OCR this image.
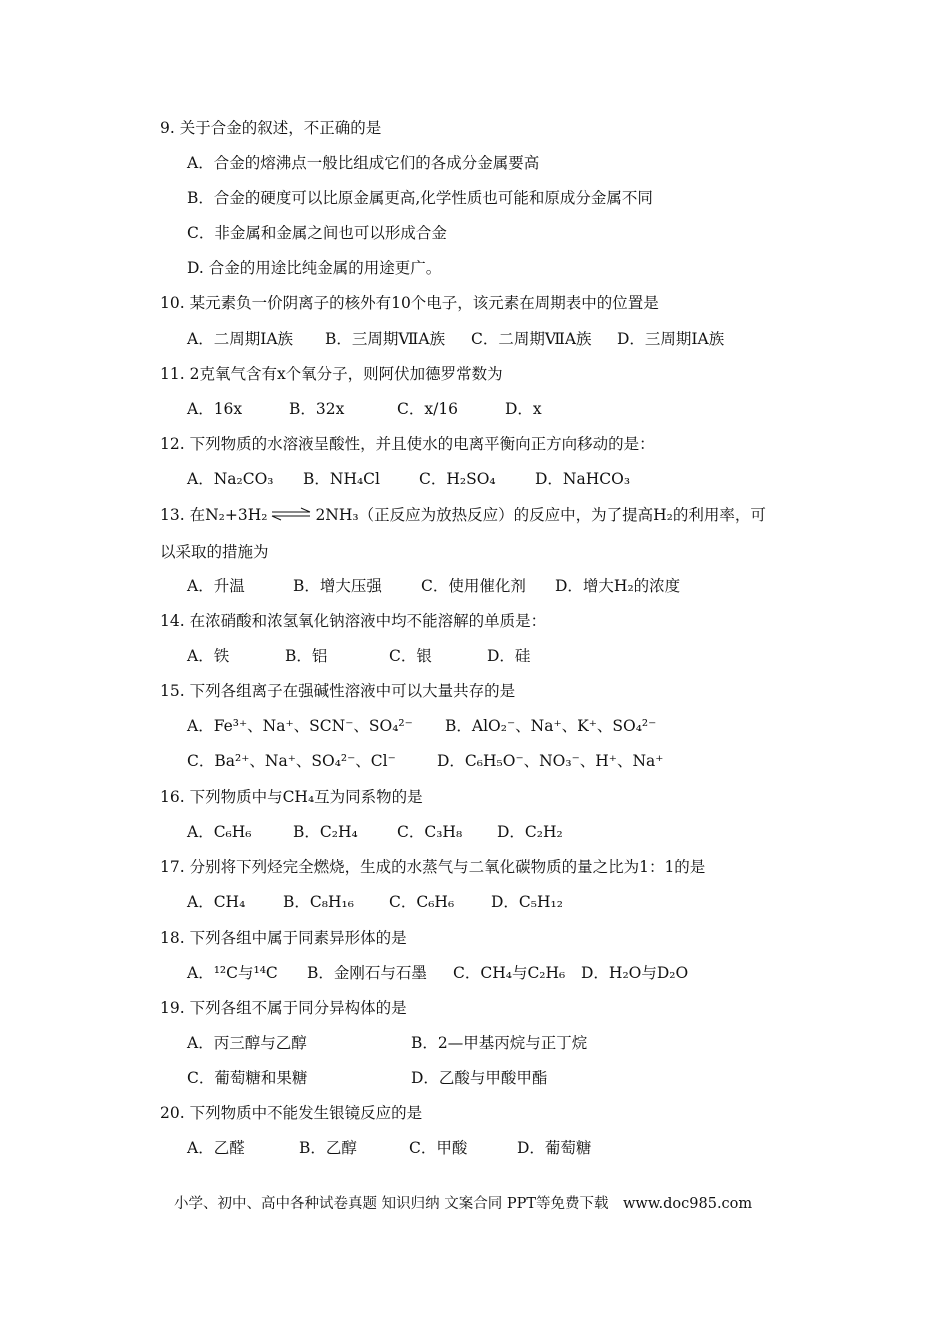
9. 关于合金的叙述，不正确的是
A．合金的熔沸点一般比组成它们的各成分金属要高
B．合金的硬度可以比原金属更高,化学性质也可能和原成分金属不同
C．非金属和金属之间也可以形成合金
D. 合金的用途比纯金属的用途更广。
10. 某元素负一价阴离子的核外有10个电子，该元素在周期表中的位置是
A．二周期IA族 B．三周期ⅦA族 C．二周期ⅦA族 D．三周期IA族
11. 2克氧气含有x个氧分子，则阿伏加德罗常数为
A．16x	B．32x	C．x/16	D．x
12. 下列物质的水溶液呈酸性，并且使水的电离平衡向正方向移动的是：
A．Na₂CO₃ B．NH₄Cl	C．H₂SO₄	D．NaHCO₃
13. 在N₂+3H₂ ⇌ 2NH₃（正反应为放热反应）的反应中，为了提高H₂的利用率，可
以采取的措施为
A．升温	B．增大压强	C．使用催化剂 D．增大H₂的浓度
14. 在浓硝酸和浓氢氧化钠溶液中均不能溶解的单质是：
A．铁	B．铝	C．银	D．硅
15. 下列各组离子在强碱性溶液中可以大量共存的是
A．Fe³⁺、Na⁺、SCN⁻、SO₄²⁻ B．AlO₂⁻、Na⁺、K⁺、SO₄²⁻
C．Ba²⁺、Na⁺、SO₄²⁻、Cl⁻	D．C₆H₅O⁻、NO₃⁻、H⁺、Na⁺
16. 下列物质中与CH₄互为同系物的是
A．C₆H₆	B．C₂H₄	C．C₃H₈ D．C₂H₂
17. 分别将下列烃完全燃烧，生成的水蒸气与二氧化碳物质的量之比为1：1的是
A．CH₄ B．C₈H₁₆ C．C₆H₆ D．C₅H₁₂
18. 下列各组中属于同素异形体的是
A．¹²C与¹⁴C B．金刚石与石墨 C．CH₄与C₂H₆ D．H₂O与D₂O
19. 下列各组不属于同分异构体的是
A．丙三醇与乙醇	B．2—甲基丙烷与正丁烷
C．葡萄糖和果糖	D．乙酸与甲酸甲酯
20. 下列物质中不能发生银镜反应的是
A．乙醛	B．乙醇	C．甲酸	D．葡萄糖
小学、初中、高中各种试卷真题 知识归纳 文案合同 PPT等免费下载　www.doc985.com
